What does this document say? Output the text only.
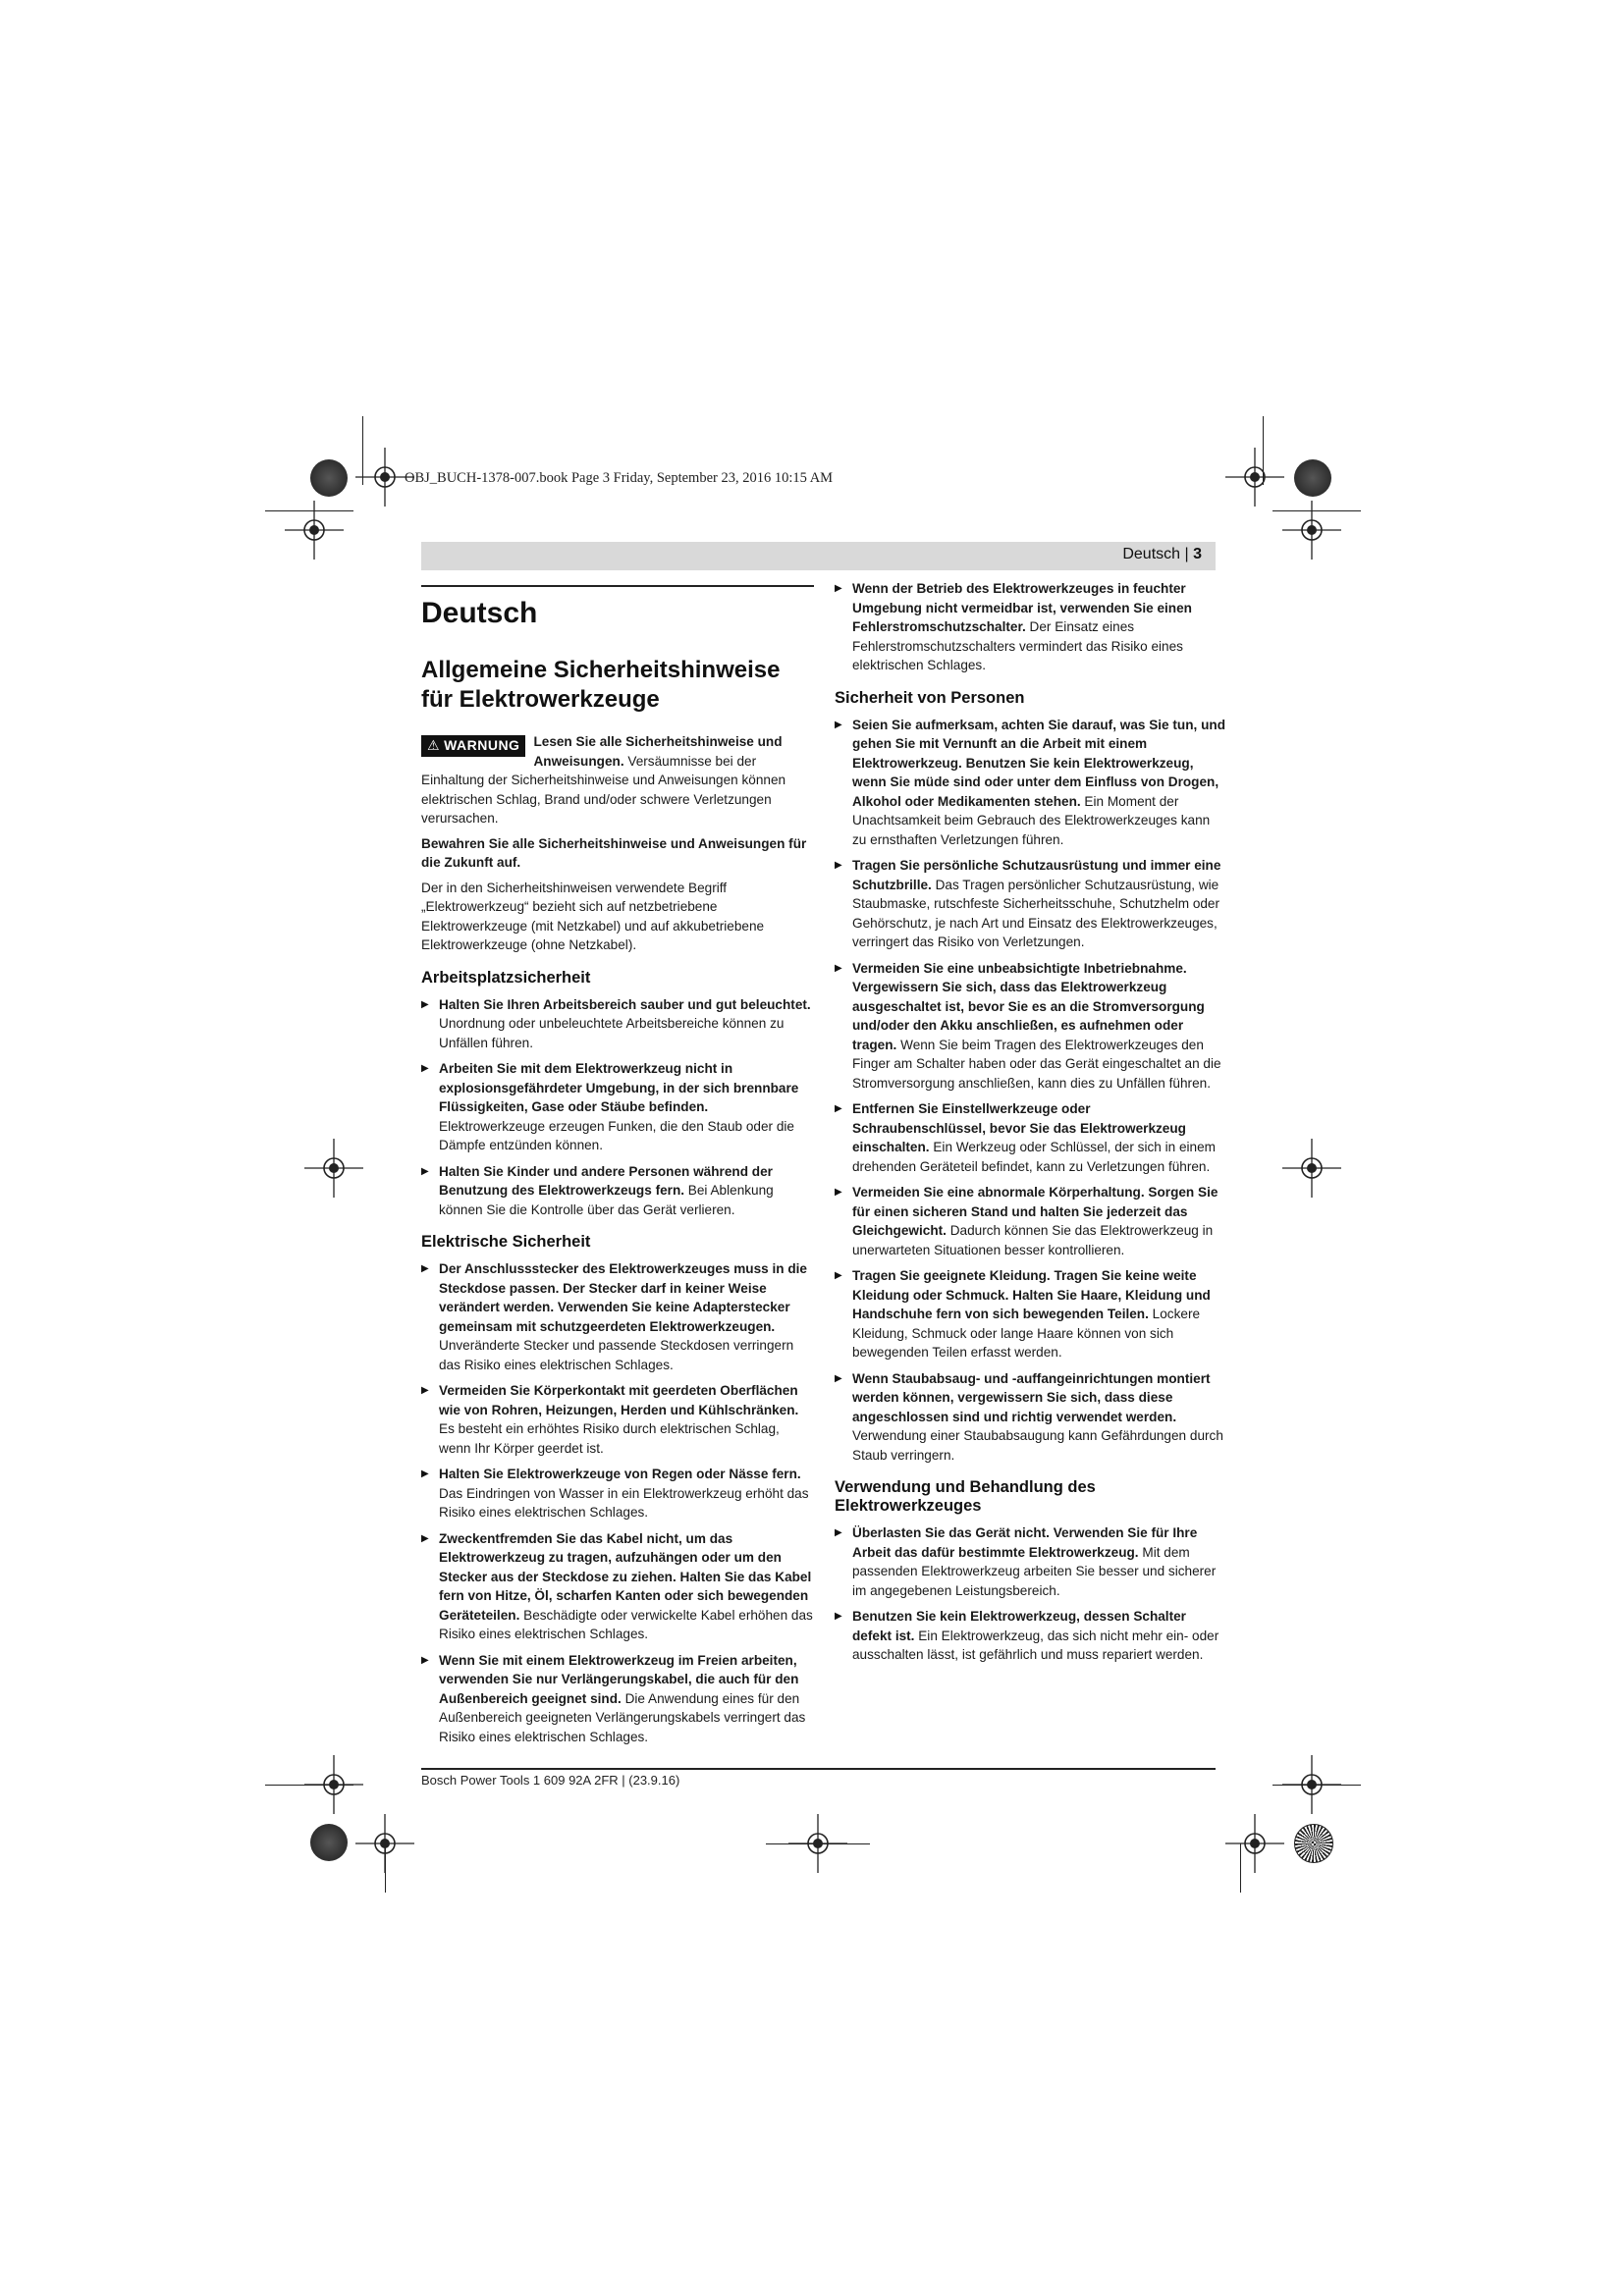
OBJ_BUCH-1378-007.book Page 3 Friday, September 23, 2016 10:15 AM
Deutsch | 3
Deutsch
Allgemeine Sicherheitshinweise für Elektrowerkzeuge

⚠ WARNUNG	Lesen Sie alle Sicherheitshinweise und Anweisungen. Versäumnisse bei der Einhaltung der Sicherheitshinweise und Anweisungen können elektrischen Schlag, Brand und/oder schwere Verletzungen verursachen.

Bewahren Sie alle Sicherheitshinweise und Anweisungen für die Zukunft auf.

Der in den Sicherheitshinweisen verwendete Begriff „Elektrowerkzeug“ bezieht sich auf netzbetriebene Elektrowerkzeuge (mit Netzkabel) und auf akkubetriebene Elektrowerkzeuge (ohne Netzkabel).

Arbeitsplatzsicherheit
▶ Halten Sie Ihren Arbeitsbereich sauber und gut beleuchtet. Unordnung oder unbeleuchtete Arbeitsbereiche können zu Unfällen führen.
▶ Arbeiten Sie mit dem Elektrowerkzeug nicht in explosionsgefährdeter Umgebung, in der sich brennbare Flüssigkeiten, Gase oder Stäube befinden. Elektrowerkzeuge erzeugen Funken, die den Staub oder die Dämpfe entzünden können.
▶ Halten Sie Kinder und andere Personen während der Benutzung des Elektrowerkzeugs fern. Bei Ablenkung können Sie die Kontrolle über das Gerät verlieren.
Elektrische Sicherheit
▶ Der Anschlussstecker des Elektrowerkzeuges muss in die Steckdose passen. Der Stecker darf in keiner Weise verändert werden. Verwenden Sie keine Adapterstecker gemeinsam mit schutzgeerdeten Elektrowerkzeugen. Unveränderte Stecker und passende Steckdosen verringern das Risiko eines elektrischen Schlages.
▶ Vermeiden Sie Körperkontakt mit geerdeten Oberflächen wie von Rohren, Heizungen, Herden und Kühlschränken. Es besteht ein erhöhtes Risiko durch elektrischen Schlag, wenn Ihr Körper geerdet ist.
▶ Halten Sie Elektrowerkzeuge von Regen oder Nässe fern. Das Eindringen von Wasser in ein Elektrowerkzeug erhöht das Risiko eines elektrischen Schlages.
▶ Zweckentfremden Sie das Kabel nicht, um das Elektrowerkzeug zu tragen, aufzuhängen oder um den Stecker aus der Steckdose zu ziehen. Halten Sie das Kabel fern von Hitze, Öl, scharfen Kanten oder sich bewegenden Geräteteilen. Beschädigte oder verwickelte Kabel erhöhen das Risiko eines elektrischen Schlages.
▶ Wenn Sie mit einem Elektrowerkzeug im Freien arbeiten, verwenden Sie nur Verlängerungskabel, die auch für den Außenbereich geeignet sind. Die Anwendung eines für den Außenbereich geeigneten Verlängerungskabels verringert das Risiko eines elektrischen Schlages.
▶ Wenn der Betrieb des Elektrowerkzeuges in feuchter Umgebung nicht vermeidbar ist, verwenden Sie einen Fehlerstromschutzschalter. Der Einsatz eines Fehlerstromschutzschalters vermindert das Risiko eines elektrischen Schlages.
Sicherheit von Personen
▶ Seien Sie aufmerksam, achten Sie darauf, was Sie tun, und gehen Sie mit Vernunft an die Arbeit mit einem Elektrowerkzeug. Benutzen Sie kein Elektrowerkzeug, wenn Sie müde sind oder unter dem Einfluss von Drogen, Alkohol oder Medikamenten stehen. Ein Moment der Unachtsamkeit beim Gebrauch des Elektrowerkzeuges kann zu ernsthaften Verletzungen führen.
▶ Tragen Sie persönliche Schutzausrüstung und immer eine Schutzbrille. Das Tragen persönlicher Schutzausrüstung, wie Staubmaske, rutschfeste Sicherheitsschuhe, Schutzhelm oder Gehörschutz, je nach Art und Einsatz des Elektrowerkzeuges, verringert das Risiko von Verletzungen.
▶ Vermeiden Sie eine unbeabsichtigte Inbetriebnahme. Vergewissern Sie sich, dass das Elektrowerkzeug ausgeschaltet ist, bevor Sie es an die Stromversorgung und/oder den Akku anschließen, es aufnehmen oder tragen. Wenn Sie beim Tragen des Elektrowerkzeuges den Finger am Schalter haben oder das Gerät eingeschaltet an die Stromversorgung anschließen, kann dies zu Unfällen führen.
▶ Entfernen Sie Einstellwerkzeuge oder Schraubenschlüssel, bevor Sie das Elektrowerkzeug einschalten. Ein Werkzeug oder Schlüssel, der sich in einem drehenden Geräteteil befindet, kann zu Verletzungen führen.
▶ Vermeiden Sie eine abnormale Körperhaltung. Sorgen Sie für einen sicheren Stand und halten Sie jederzeit das Gleichgewicht. Dadurch können Sie das Elektrowerkzeug in unerwarteten Situationen besser kontrollieren.
▶ Tragen Sie geeignete Kleidung. Tragen Sie keine weite Kleidung oder Schmuck. Halten Sie Haare, Kleidung und Handschuhe fern von sich bewegenden Teilen. Lockere Kleidung, Schmuck oder lange Haare können von sich bewegenden Teilen erfasst werden.
▶ Wenn Staubabsaug- und -auffangeinrichtungen montiert werden können, vergewissern Sie sich, dass diese angeschlossen sind und richtig verwendet werden. Verwendung einer Staubabsaugung kann Gefährdungen durch Staub verringern.
Verwendung und Behandlung des Elektrowerkzeuges
▶ Überlasten Sie das Gerät nicht. Verwenden Sie für Ihre Arbeit das dafür bestimmte Elektrowerkzeug. Mit dem passenden Elektrowerkzeug arbeiten Sie besser und sicherer im angegebenen Leistungsbereich.
▶ Benutzen Sie kein Elektrowerkzeug, dessen Schalter defekt ist. Ein Elektrowerkzeug, das sich nicht mehr ein- oder ausschalten lässt, ist gefährlich und muss repariert werden.
Bosch Power Tools 1 609 92A 2FR | (23.9.16)
